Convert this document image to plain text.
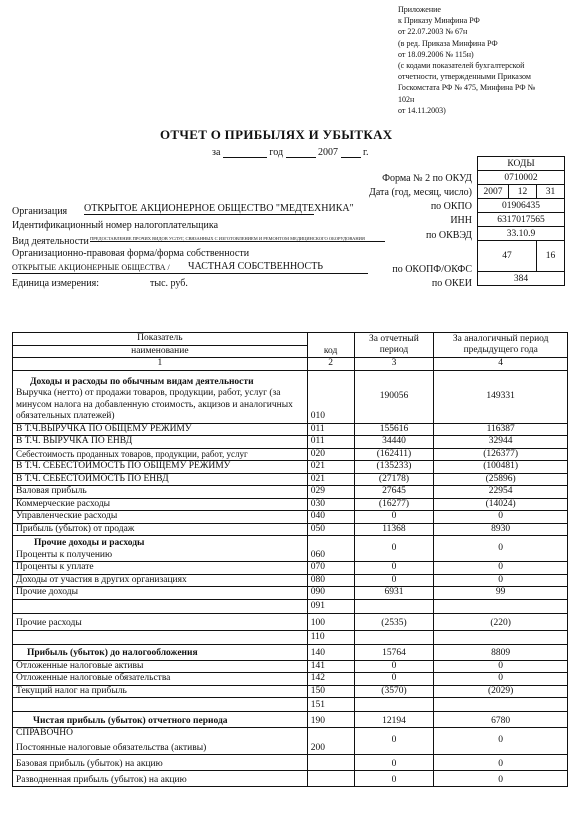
Приложение
к Приказу Минфина РФ
от 22.07.2003 № 67н
(в ред. Приказа Минфина РФ
от 18.09.2006 № 115н)
(с кодами показателей бухгалтерской
отчетности, утвержденными Приказом
Госкомстата РФ № 475, Минфина РФ №
102н
от 14.11.2003)
ОТЧЕТ О ПРИБЫЛЯХ И УБЫТКАХ
за	год	2007	г.
КОДЫ		
0710002		
2007	12	31
01906435		
6317017565		
33.10.9		
47		16
384		
Форма № 2 по ОКУД
Дата (год, месяц, число)
Организация ОТКРЫТОЕ АКЦИОНЕРНОЕ ОБЩЕСТВО "МЕДТЕХНИКА"	по ОКПО
Идентификационный номер налогоплательщика	ИНН
Вид деятельности ПРЕДОСТАВЛЕНИЕ ПРОЧИХ ВИДОВ УСЛУГ, СВЯЗАННЫХ С ИЗГОТОВЛЕНИЕМ И РЕМОНТОМ МЕДИЦИНСКОГО ОБОРУДОВАНИЯ	по ОКВЭД
Организационно-правовая форма/форма собственности
ОТКРЫТЫЕ АКЦИОНЕРНЫЕ ОБЩЕСТВА / ЧАСТНАЯ СОБСТВЕННОСТЬ	по ОКОПФ/ОКФС
Единица измерения:	тыс. руб.	по ОКЕИ
Показатель	код	За отчетный период	За аналогичный период предыдущего года
наименование			
1	2	3	4

Доходы и расходы по обычным видам деятельности
Выручка (нетто) от продажи товаров, продукции, работ, услуг (за минусом налога на добавленную стоимость, акцизов и аналогичных обязательных платежей)	010	190056	149331
В Т.Ч.ВЫРУЧКА ПО ОБЩЕМУ РЕЖИМУ	011	155616	116387
В Т.Ч. ВЫРУЧКА ПО ЕНВД	011	34440	32944
Себестоимость проданных товаров, продукции, работ, услуг	020	(162411)	(126377)
В Т.Ч. СЕБЕСТОИМОСТЬ ПО ОБЩЕМУ РЕЖИМУ	021	(135233)	(100481)
В Т.Ч. СЕБЕСТОИМОСТЬ ПО ЕНВД	021	(27178)	(25896)
Валовая прибыль	029	27645	22954
Коммерческие расходы	030	(16277)	(14024)
Управленческие расходы	040	0	0
Прибыль (убыток) от продаж	050	11368	8930

Прочие доходы и расходы
Проценты к получению	060	0	0
Проценты к уплате	070	0	0
Доходы от участия в других организациях	080	0	0
Прочие доходы	090	6931	99
	091		
Прочие расходы	100	(2535)	(220)
	110		
Прибыль (убыток) до налогообложения	140	15764	8809
Отложенные налоговые активы	141	0	0
Отложенные налоговые обязательства	142	0	0
Текущий налог на прибыль	150	(3570)	(2029)
	151		
Чистая прибыль (убыток) отчетного периода	190	12194	6780

СПРАВОЧНО
Постоянные налоговые обязательства (активы)	200	0	0
Базовая прибыль (убыток) на акцию		0	0
Разводненная прибыль (убыток) на акцию		0	0
